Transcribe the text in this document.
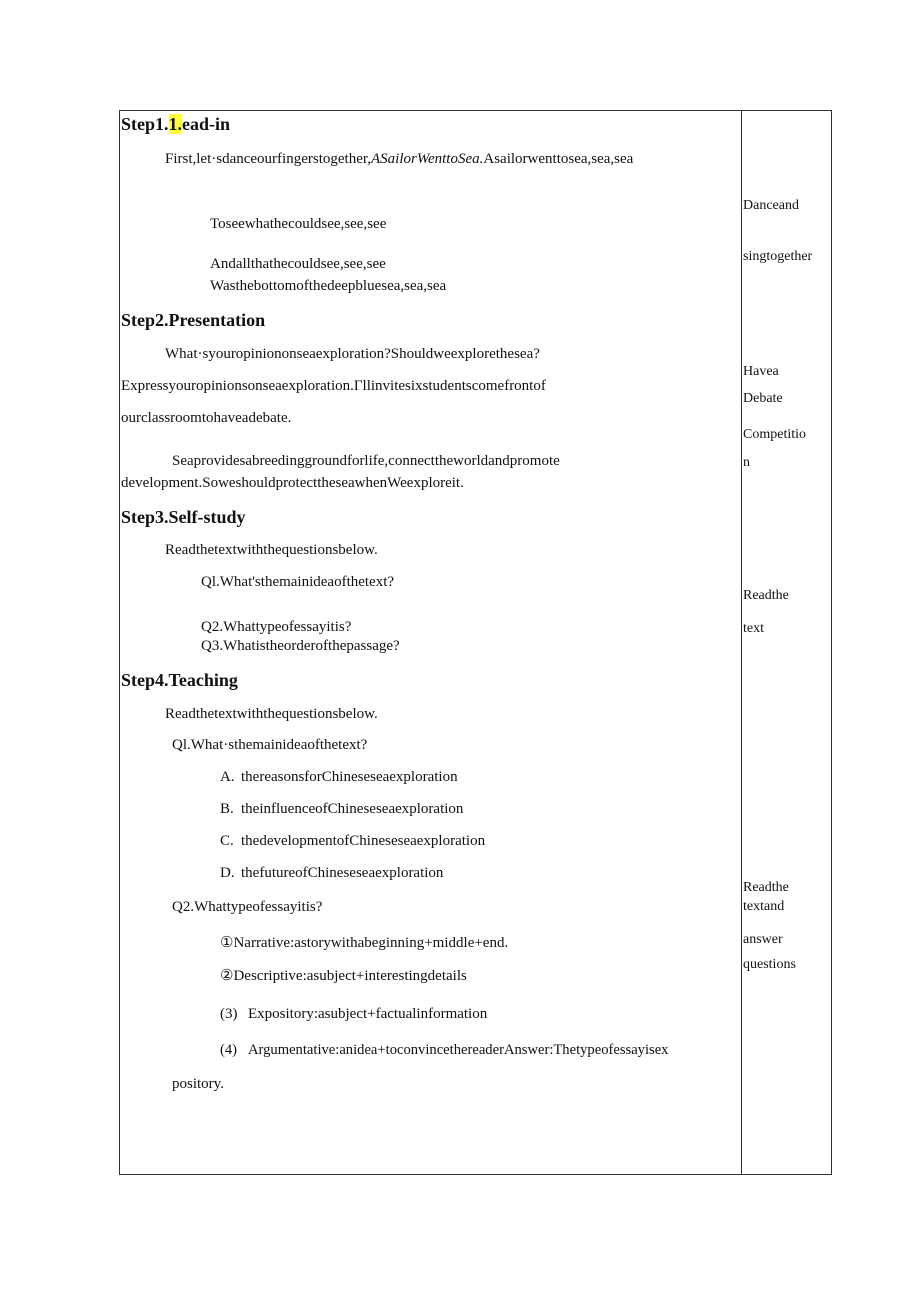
Step1.1.ead-in
First,let·sdanceourfingerstogether,ASailorWenttoSea.Asailorwenttosea,sea,sea
Toseewhathecouldsee,see,see
Andallthathecouldsee,see,see
Wasthebottomofthedeepbluesea,sea,sea
Step2.Presentation
What·syouropiniononseaexploration?Shouldweexplorethesea?
Expressyouropinionsonseaexploration.Γllinvitesixstudentscomefrontof
ourclassroomtohaveadebate.
Seaprovidesabreedinggroundforlife,connecttheworldandpromote
development.SoweshouldprotecttheseawhenWeexploreit.
Step3.Self-study
Readthetextwiththequestionsbelow.
Ql.What'sthemainideaofthetext?
Q2.Whattypeofessayitis?
Q3.Whatistheorderofthepassage?
Step4.Teaching
Readthetextwiththequestionsbelow.
Ql.What·sthemainideaofthetext?
A. thereasonsforChineseseaexploration
B. theinfluenceofChineseseaexploration
C. thedevelopmentofChineseseaexploration
D. thefutureofChineseseaexploration
Q2.Whattypeofessayitis?
①Narrative:astorywithabeginning+middle+end.
②Descriptive:asubject+interestingdetails
(3) Expository:asubject+factualinformation
(4) Argumentative:anidea+toconvincethereaderAnswer:Thetypeofessayisex
pository.
Danceand
singtogether
Havea
Debate
Competitio
n
Readthe
text
Readthe
textand
answer
questions
